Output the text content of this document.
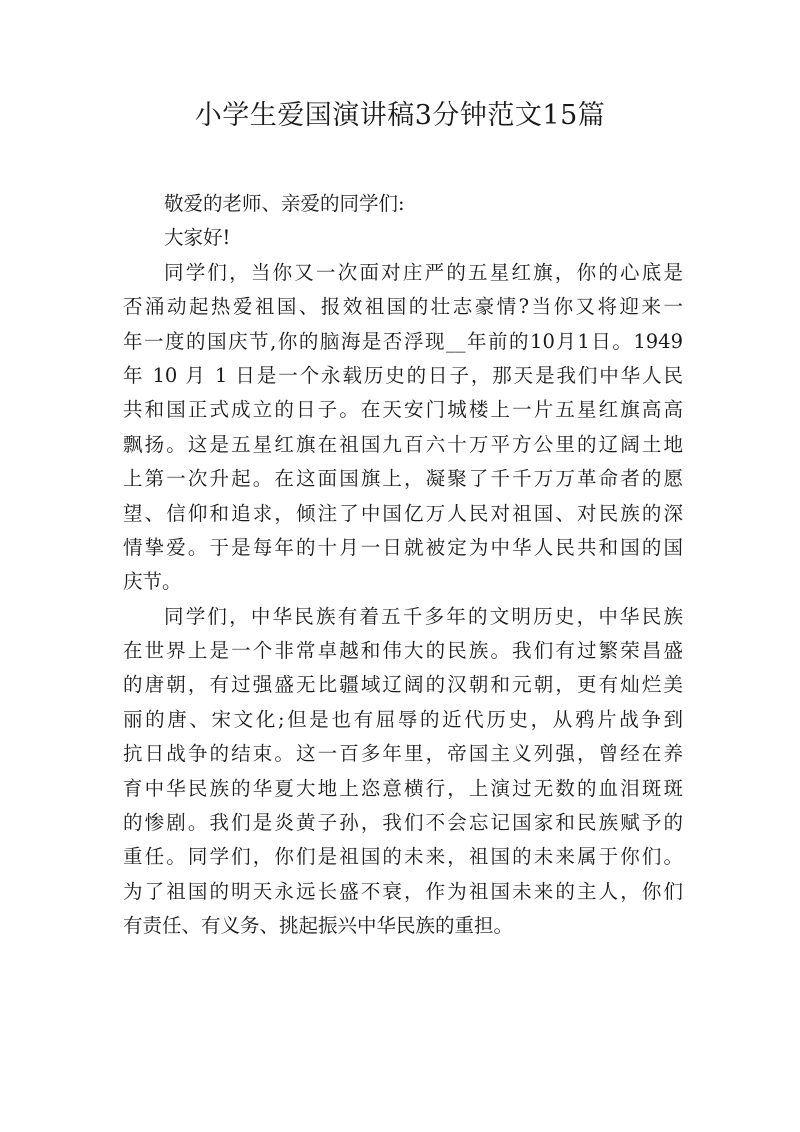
小学生爱国演讲稿3分钟范文15篇
敬爱的老师、亲爱的同学们:
大家好!
同学们，当你又一次面对庄严的五星红旗，你的心底是
否涌动起热爱祖国、报效祖国的壮志豪情?当你又将迎来一
年一度的国庆节,你的脑海是否浮现__年前的10月1日。1949
年 10 月 1 日是一个永载历史的日子，那天是我们中华人民
共和国正式成立的日子。在天安门城楼上一片五星红旗高高
飘扬。这是五星红旗在祖国九百六十万平方公里的辽阔土地
上第一次升起。在这面国旗上，凝聚了千千万万革命者的愿
望、信仰和追求，倾注了中国亿万人民对祖国、对民族的深
情挚爱。于是每年的十月一日就被定为中华人民共和国的国
庆节。
同学们，中华民族有着五千多年的文明历史，中华民族
在世界上是一个非常卓越和伟大的民族。我们有过繁荣昌盛
的唐朝，有过强盛无比疆域辽阔的汉朝和元朝，更有灿烂美
丽的唐、宋文化;但是也有屈辱的近代历史，从鸦片战争到
抗日战争的结束。这一百多年里，帝国主义列强，曾经在养
育中华民族的华夏大地上恣意横行，上演过无数的血泪斑斑
的惨剧。我们是炎黄子孙，我们不会忘记国家和民族赋予的
重任。同学们，你们是祖国的未来，祖国的未来属于你们。
为了祖国的明天永远长盛不衰，作为祖国未来的主人，你们
有责任、有义务、挑起振兴中华民族的重担。
